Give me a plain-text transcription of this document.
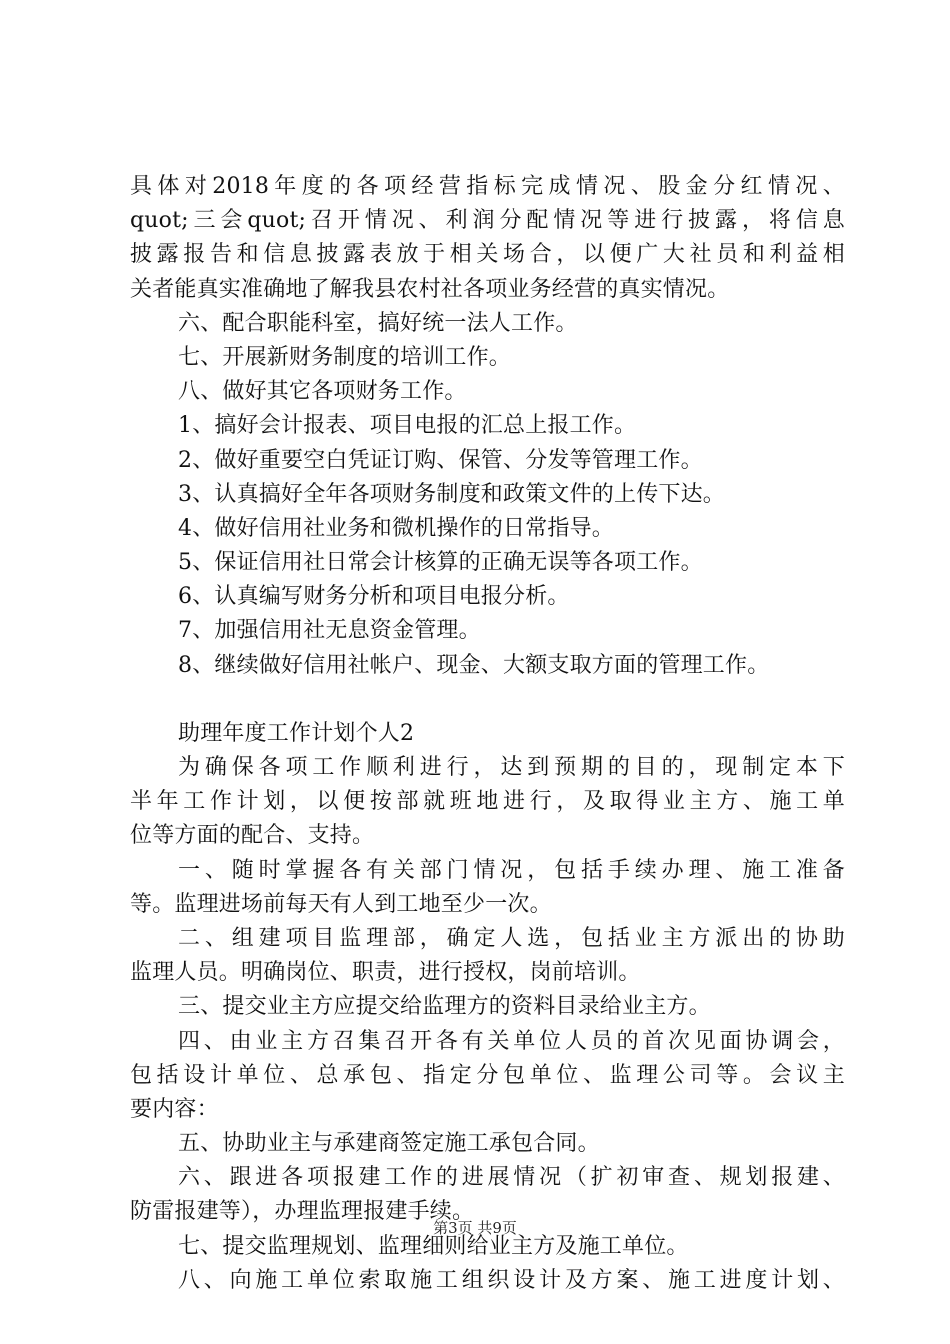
具体对2018年度的各项经营指标完成情况、股金分红情况、
quot;三会quot;召开情况、利润分配情况等进行披露，将信息
披露报告和信息披露表放于相关场合，以便广大社员和利益相
关者能真实准确地了解我县农村社各项业务经营的真实情况。
六、配合职能科室，搞好统一法人工作。
七、开展新财务制度的培训工作。
八、做好其它各项财务工作。
1、搞好会计报表、项目电报的汇总上报工作。
2、做好重要空白凭证订购、保管、分发等管理工作。
3、认真搞好全年各项财务制度和政策文件的上传下达。
4、做好信用社业务和微机操作的日常指导。
5、保证信用社日常会计核算的正确无误等各项工作。
6、认真编写财务分析和项目电报分析。
7、加强信用社无息资金管理。
8、继续做好信用社帐户、现金、大额支取方面的管理工作。
助理年度工作计划个人2
为确保各项工作顺利进行，达到预期的目的，现制定本下
半年工作计划，以便按部就班地进行，及取得业主方、施工单
位等方面的配合、支持。
一、随时掌握各有关部门情况，包括手续办理、施工准备
等。监理进场前每天有人到工地至少一次。
二、组建项目监理部，确定人选，包括业主方派出的协助
监理人员。明确岗位、职责，进行授权，岗前培训。
三、提交业主方应提交给监理方的资料目录给业主方。
四、由业主方召集召开各有关单位人员的首次见面协调会，
包括设计单位、总承包、指定分包单位、监理公司等。会议主
要内容：
五、协助业主与承建商签定施工承包合同。
六、跟进各项报建工作的进展情况（扩初审查、规划报建、
防雷报建等），办理监理报建手续。
七、提交监理规划、监理细则给业主方及施工单位。
八、向施工单位索取施工组织设计及方案、施工进度计划、
第3页 共9页
